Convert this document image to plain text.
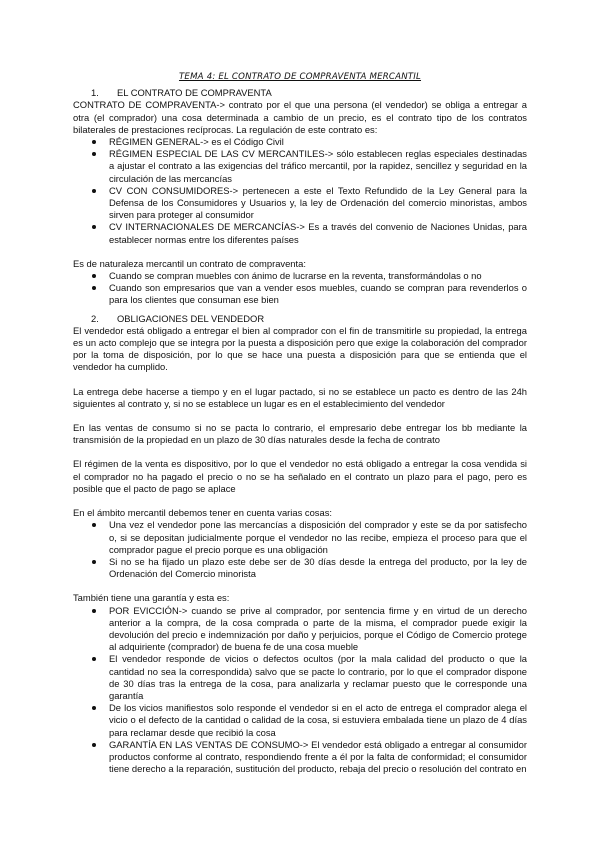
TEMA 4: EL CONTRATO DE COMPRAVENTA MERCANTIL
1. EL CONTRATO DE COMPRAVENTA

CONTRATO DE COMPRAVENTA-> contrato por el que una persona (el vendedor) se obliga a entregar a otra (el comprador) una cosa determinada a cambio de un precio, es el contrato tipo de los contratos bilaterales de prestaciones recíprocas. La regulación de este contrato es:

RÉGIMEN GENERAL-> es el Código Civil
RÉGIMEN ESPECIAL DE LAS CV MERCANTILES-> sólo establecen reglas especiales destinadas a ajustar el contrato a las exigencias del tráfico mercantil, por la rapidez, sencillez y seguridad en la circulación de las mercancías
CV CON CONSUMIDORES-> pertenecen a este el Texto Refundido de la Ley General para la Defensa de los Consumidores y Usuarios y, la ley de Ordenación del comercio minoristas, ambos sirven para proteger al consumidor
CV INTERNACIONALES DE MERCANCÍAS-> Es a través del convenio de Naciones Unidas, para establecer normas entre los diferentes países

Es de naturaleza mercantil un contrato de compraventa:

Cuando se compran muebles con ánimo de lucrarse en la reventa, transformándolas o no
Cuando son empresarios que van a vender esos muebles, cuando se compran para revenderlos o para los clientes que consuman ese bien
2. OBLIGACIONES DEL VENDEDOR

El vendedor está obligado a entregar el bien al comprador con el fin de transmitirle su propiedad, la entrega es un acto complejo que se integra por la puesta a disposición pero que exige la colaboración del comprador por la toma de disposición, por lo que se hace una puesta a disposición para que se entienda que el vendedor ha cumplido.

La entrega debe hacerse a tiempo y en el lugar pactado, si no se establece un pacto es dentro de las 24h siguientes al contrato y, si no se establece un lugar es en el establecimiento del vendedor

En las ventas de consumo si no se pacta lo contrario, el empresario debe entregar los bb mediante la transmisión de la propiedad en un plazo de 30 días naturales desde la fecha de contrato

El régimen de la venta es dispositivo, por lo que el vendedor no está obligado a entregar la cosa vendida si el comprador no ha pagado el precio o no se ha señalado en el contrato un plazo para el pago, pero es posible que el pacto de pago se aplace

En el ámbito mercantil debemos tener en cuenta varias cosas:

Una vez el vendedor pone las mercancías a disposición del comprador y este se da por satisfecho o, si se depositan judicialmente porque el vendedor no las recibe, empieza el proceso para que el comprador pague el precio porque es una obligación
Si no se ha fijado un plazo este debe ser de 30 días desde la entrega del producto, por la ley de Ordenación del Comercio minorista

También tiene una garantía y esta es:

POR EVICCIÓN-> cuando se prive al comprador, por sentencia firme y en virtud de un derecho anterior a la compra, de la cosa comprada o parte de la misma, el comprador puede exigir la devolución del precio e indemnización por daño y perjuicios, porque el Código de Comercio protege al adquiriente (comprador) de buena fe de una cosa mueble
El vendedor responde de vicios o defectos ocultos (por la mala calidad del producto o que la cantidad no sea la correspondida) salvo que se pacte lo contrario, por lo que el comprador dispone de 30 días tras la entrega de la cosa, para analizarla y reclamar puesto que le corresponde una garantía
De los vicios manifiestos solo responde el vendedor si en el acto de entrega el comprador alega el vicio o el defecto de la cantidad o calidad de la cosa, si estuviera embalada tiene un plazo de 4 días para reclamar desde que recibió la cosa
GARANTÍA EN LAS VENTAS DE CONSUMO-> El vendedor está obligado a entregar al consumidor productos conforme al contrato, respondiendo frente a él por la falta de conformidad; el consumidor tiene derecho a la reparación, sustitución del producto, rebaja del precio o resolución del contrato en
